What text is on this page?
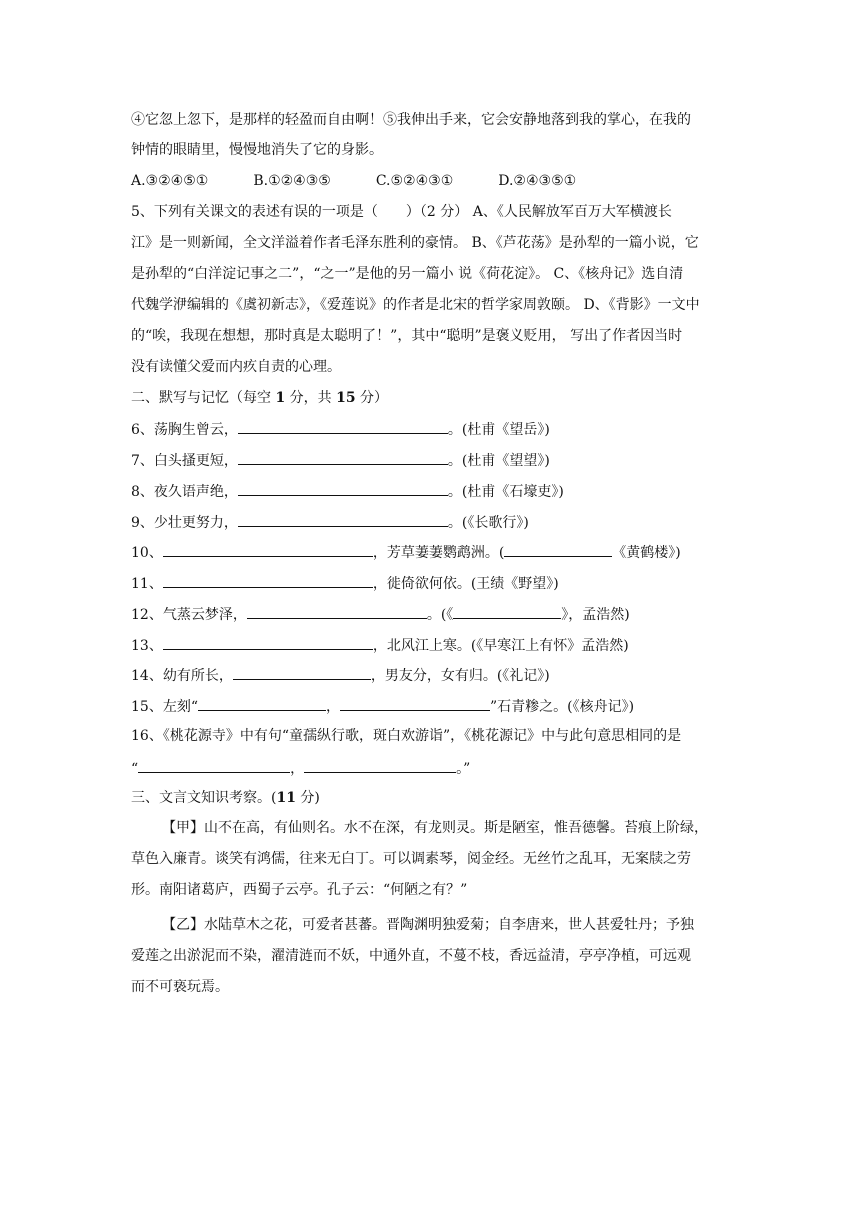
④它忽上忽下，是那样的轻盈而自由啊！⑤我伸出手来，它会安静地落到我的掌心，在我的
钟情的眼睛里，慢慢地消失了它的身影。
A.③②④⑤①	B.①②④③⑤	C.⑤②④③①	D.②④③⑤①
5、下列有关课文的表述有误的一项是（　　）（2 分） A、《人民解放军百万大军横渡长
江》是一则新闻，全文洋溢着作者毛泽东胜利的豪情。 B、《芦花荡》是孙犁的一篇小说，它
是孙犁的“白洋淀记事之二”，“之一”是他的另一篇小 说《荷花淀》。 C、《核舟记》选自清
代魏学洢编辑的《虞初新志》，《爱莲说》的作者是北宋的哲学家周敦颐。 D、《背影》一文中
的“唉，我现在想想，那时真是太聪明了！”，其中“聪明”是褒义贬用， 写出了作者因当时
没有读懂父爱而内疚自责的心理。
二、默写与记忆（每空 1 分，共 15 分）
6、荡胸生曾云，	。(杜甫《望岳》)
7、白头搔更短，	。(杜甫《望望》)
8、夜久语声绝，	。(杜甫《石壕吏》)
9、少壮更努力，	。(《长歌行》)
10、	，芳草萋萋鹦鹉洲。(	《黄鹤楼》)
11、	，徙倚欲何依。(王绩《野望》)
12、气蒸云梦泽，	。(《	》，孟浩然)
13、	，北风江上寒。(《早寒江上有怀》孟浩然)
14、幼有所长，	，男友分，女有归。(《礼记》)
15、左刻“	，	”石青糁之。(《核舟记》)
16、《桃花源寺》中有句“童孺纵行歌，斑白欢游诣”，《桃花源记》中与此句意思相同的是
“	，	。”
三、文言文知识考察。(11 分)
【甲】山不在高，有仙则名。水不在深，有龙则灵。斯是陋室，惟吾德馨。苔痕上阶绿，
草色入廉青。谈笑有鸿儒，往来无白丁。可以调素琴，阅金经。无丝竹之乱耳，无案牍之劳
形。南阳诸葛庐，西蜀子云亭。孔子云：“何陋之有？”
【乙】水陆草木之花，可爱者甚蕃。晋陶渊明独爱菊；自李唐来，世人甚爱牡丹；予独
爱莲之出淤泥而不染，濯清涟而不妖，中通外直，不蔓不枝，香远益清，亭亭净植，可远观
而不可亵玩焉。
